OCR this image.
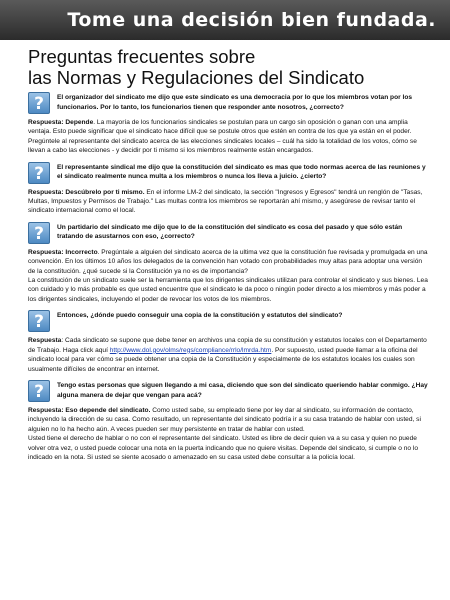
Tome una decisión bien fundada.
Preguntas frecuentes sobre
las Normas y Regulaciones del Sindicato
? El organizador del sindicato me dijo que este sindicato es una democracia por lo que los miembros votan por los funcionarios. Por lo tanto, los funcionarios tienen que responder ante nosotros, ¿correcto?

Respuesta: Depende. La mayoría de los funcionarios sindicales se postulan para un cargo sin oposición o ganan con una amplia ventaja. Esto puede significar que el sindicato hace difícil que se postule otros que estén en contra de los que ya están en el poder. Pregúntele al representante del sindicato acerca de las elecciones sindicales locales – cuál ha sido la totalidad de los votos, cómo se llevan a cabo las elecciones - y decidir por ti mismo si los miembros realmente están encargados.

? El representante sindical me dijo que la constitución del sindicato es mas que todo normas acerca de las reuniones y el sindicato realmente nunca multa a los miembros o nunca los lleva a juicio. ¿cierto?

Respuesta: Descúbrelo por ti mismo. En el informe LM-2 del sindicato, la sección "Ingresos y Egresos" tendrá un renglón de "Tasas, Multas, Impuestos y Permisos de Trabajo." Las multas contra los miembros se reportarán ahí mismo, y asegúrese de revisar tanto el sindicato internacional como el local.

? Un partidario del sindicato me dijo que lo de la constitución del sindicato es cosa del pasado y que sólo están tratando de asustarnos con eso, ¿correcto?

Respuesta: Incorrecto. Pregúntale a alguien del sindicato acerca de la ultima vez que la constitución fue revisada y promulgada en una convención. En los últimos 10 años los delegados de la convención han votado con probabilidades muy altas para adoptar una versión de la constitución. ¿qué sucede si la Constitución ya no es de importancia?

La constitución de un sindicato suele ser la herramienta que los dirigentes sindicales utilizan para controlar el sindicato y sus bienes. Lea con cuidado y lo más probable es que usted encuentre que el sindicato le da poco o ningún poder directo a los miembros y más poder a los dirigentes sindicales, incluyendo el poder de revocar los votos de los miembros.

? Entonces, ¿dónde puedo conseguir una copia de la constitución y estatutos del sindicato?

Respuesta: Cada sindicato se supone que debe tener en archivos una copia de su constitución y estatutos locales con el Departamento de Trabajo. Haga click aquí http://www.dol.gov/olms/regs/compliance/rrlo/lmrda.htm. Por supuesto, usted puede llamar a la oficina del sindicato local para ver cómo se puede obtener una copia de la Constitución y especialmente de los estatutos locales los cuales son usualmente difíciles de encontrar en internet.

? Tengo estas personas que siguen llegando a mi casa, diciendo que son del sindicato queriendo hablar conmigo. ¿Hay alguna manera de dejar que vengan para acá?

Respuesta: Eso depende del sindicato. Como usted sabe, su empleado tiene por ley dar al sindicato, su información de contacto, incluyendo la dirección de su casa. Como resultado, un representante del sindicato podría ir a su casa tratando de hablar con usted, si alguien no lo ha hecho aún. A veces pueden ser muy persistente en tratar de hablar con usted.

Usted tiene el derecho de hablar o no con el representante del sindicato. Usted es libre de decir quien va a su casa y quien no puede volver otra vez, o usted puede colocar una nota en la puerta indicando que no quiere visitas. Depende del sindicato, si cumple o no lo indicado en la nota. Si usted se siente acosado o amenazado en su casa usted debe consultar a la policía local.
